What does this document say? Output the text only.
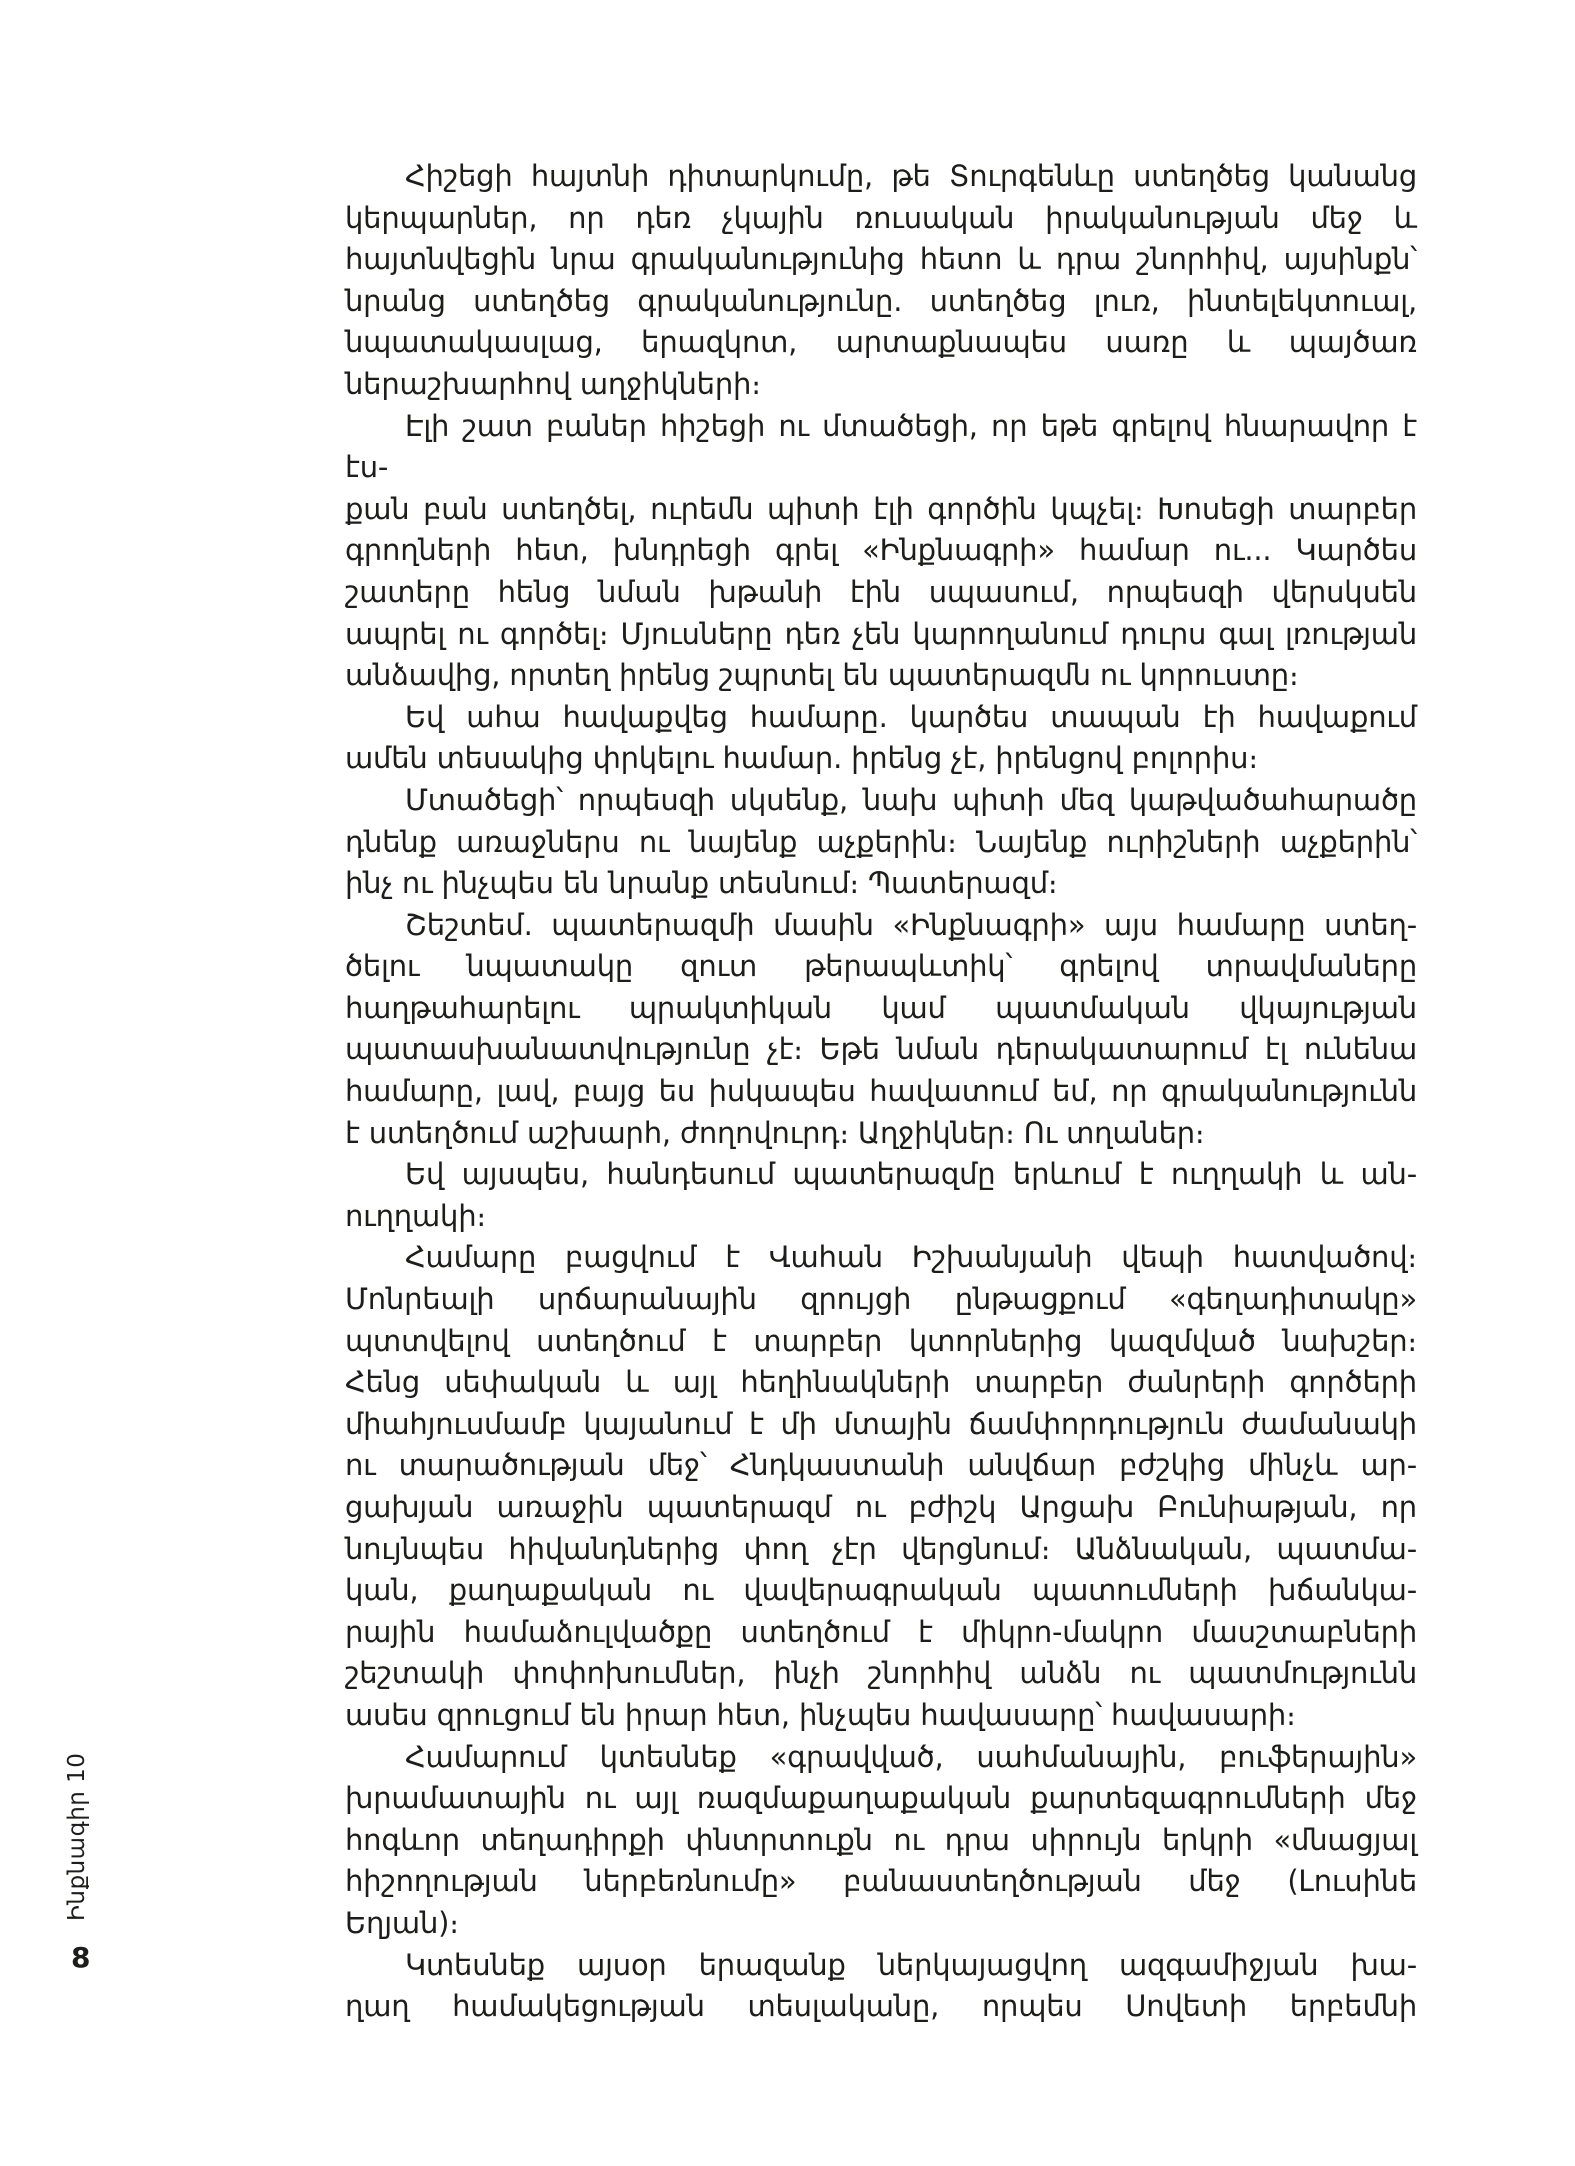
Հիշեցի հայտնի դիտարկումը, թե Տուրգենևը ստեղծեց կանանց
կերպարներ, որ դեռ չկային ռուսական իրականության մեջ և
հայտնվեցին նրա գրականությունից հետո և դրա շնորհիվ, այսինքն՝
նրանց ստեղծեց գրականությունը. ստեղծեց լուռ, ինտելեկտուալ,
նպատակասլաց, երազկոտ, արտաքնապես սառը և պայծառ
ներաշխարհով աղջիկների։
Էլի շատ բաներ հիշեցի ու մտածեցի, որ եթե գրելով հնարավոր է էս-
քան բան ստեղծել, ուրեմն պիտի էլի գործին կպչել։ Խոսեցի տարբեր
գրողների հետ, խնդրեցի գրել «Ինքնագրի» համար ու... Կարծես
շատերը հենց նման խթանի էին սպասում, որպեսզի վերսկսեն
ապրել ու գործել։ Մյուսները դեռ չեն կարողանում դուրս գալ լռության
անձավից, որտեղ իրենց շպրտել են պատերազմն ու կորուստը։
Եվ ահա հավաքվեց համարը. կարծես տապան էի հավաքում
ամեն տեսակից փրկելու համար. իրենց չէ, իրենցով բոլորիս։
Մտածեցի՝ որպեսզի սկսենք, նախ պիտի մեզ կաթվածահարածը
դնենք առաջներս ու նայենք աչքերին։ Նայենք ուրիշների աչքերին՝
ինչ ու ինչպես են նրանք տեսնում։ Պատերազմ։
Շեշտեմ. պատերազմի մասին «Ինքնագրի» այս համարը ստեղ-
ծելու նպատակը զուտ թերապևտիկ՝ գրելով տրավմաները
հաղթահարելու պրակտիկան կամ պատմական վկայության
պատասխանատվությունը չէ։ Եթե նման դերակատարում էլ ունենա
համարը, լավ, բայց ես իսկապես հավատում եմ, որ գրականությունն
է ստեղծում աշխարհ, ժողովուրդ։ Աղջիկներ։ Ու տղաներ։
Եվ այսպես, հանդեսում պատերազմը երևում է ուղղակի և ան-
ուղղակի։
Համարը բացվում է Վահան Իշխանյանի վեպի հատվածով։
Մոնրեալի սրճարանային զրույցի ընթացքում «գեղադիտակը»
պտտվելով ստեղծում է տարբեր կտորներից կազմված նախշեր։
Հենց սեփական և այլ հեղինակների տարբեր ժանրերի գործերի
միահյուսմամբ կայանում է մի մտային ճամփորդություն ժամանակի
ու տարածության մեջ՝ Հնդկաստանի անվճար բժշկից մինչև ար-
ցախյան առաջին պատերազմ ու բժիշկ Արցախ Բունիաթյան, որ
նույնպես հիվանդներից փող չէր վերցնում։ Անձնական, պատմա-
կան, քաղաքական ու վավերագրական պատումների խճանկա-
րային համաձուլվածքը ստեղծում է միկրո-մակրո մասշտաբների
շեշտակի փոփոխումներ, ինչի շնորհիվ անձն ու պատմությունն
ասես զրուցում են իրար հետ, ինչպես հավասարը՝ հավասարի։
Համարում կտեսնեք «գրավված, սահմանային, բուֆերային»
խրամատային ու այլ ռազմաքաղաքական քարտեզագրումների մեջ
հոգևոր տեղադիրքի փնտրտուքն ու դրա սիրույն երկրի «մնացյալ
հիշողության ներբեռնումը» բանաստեղծության մեջ (Լուսինե
Եղյան)։
Կտեսնեք այսօր երազանք ներկայացվող ազգամիջյան խա-
ղաղ համակեցության տեսլականը, որպես Սովետի երբեմնի
Ինքնագիր 10
8
